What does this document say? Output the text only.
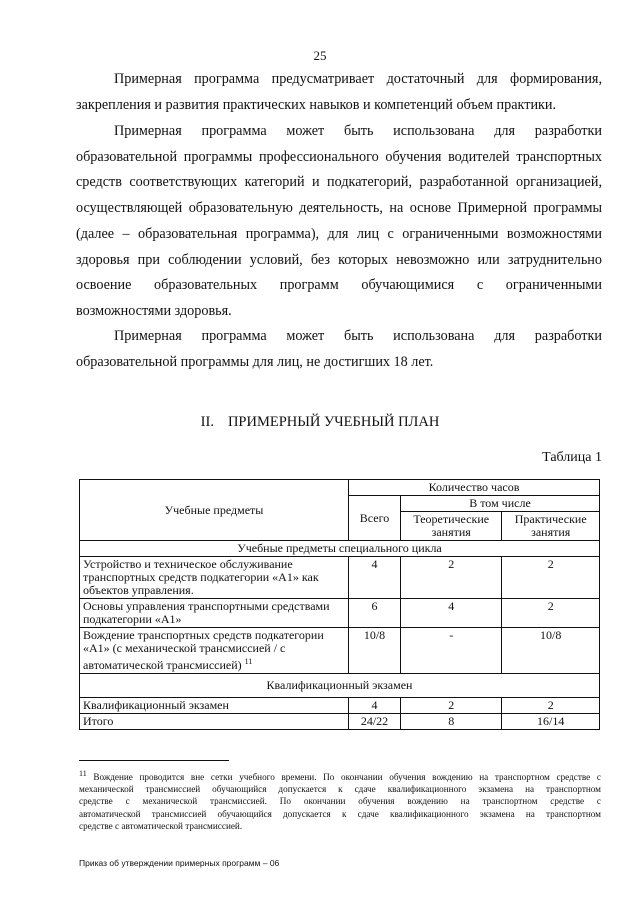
25
Примерная программа предусматривает достаточный для формирования,
закрепления и развития практических навыков и компетенций объем практики.
Примерная программа может быть использована для разработки
образовательной программы профессионального обучения водителей транспортных
средств соответствующих категорий и подкатегорий, разработанной организацией,
осуществляющей образовательную деятельность, на основе Примерной программы
(далее – образовательная программа), для лиц с ограниченными возможностями
здоровья при соблюдении условий, без которых невозможно или затруднительно
освоение образовательных программ обучающимися с ограниченными
возможностями здоровья.
Примерная программа может быть использована для разработки
образовательной программы для лиц, не достигших 18 лет.
II. ПРИМЕРНЫЙ УЧЕБНЫЙ ПЛАН
Таблица 1
Учебные предметы	Количество часов		
	Всего	В том числе	
		Теоретические занятия	Практические занятия
Учебные предметы специального цикла			
Устройство и техническое обслуживание транспортных средств подкатегории «А1» как объектов управления.	4	2	2
Основы управления транспортными средствами подкатегории «А1»	6	4	2
Вождение транспортных средств подкатегории «А1» (с механической трансмиссией / с автоматической трансмиссией) $^{11}$	10/8	-	10/8
Квалификационный экзамен			
Квалификационный экзамен	4	2	2
Итого	24/22	8	16/14
$^{11}$ Вождение проводится вне сетки учебного времени. По окончании обучения вождению на транспортном средстве с
механической трансмиссией обучающийся допускается к сдаче квалификационного экзамена на транспортном
средстве с механической трансмиссией. По окончании обучения вождению на транспортном средстве с
автоматической трансмиссией обучающийся допускается к сдаче квалификационного экзамена на транспортном
средстве с автоматической трансмиссией.
Приказ об утверждении примерных программ – 06
